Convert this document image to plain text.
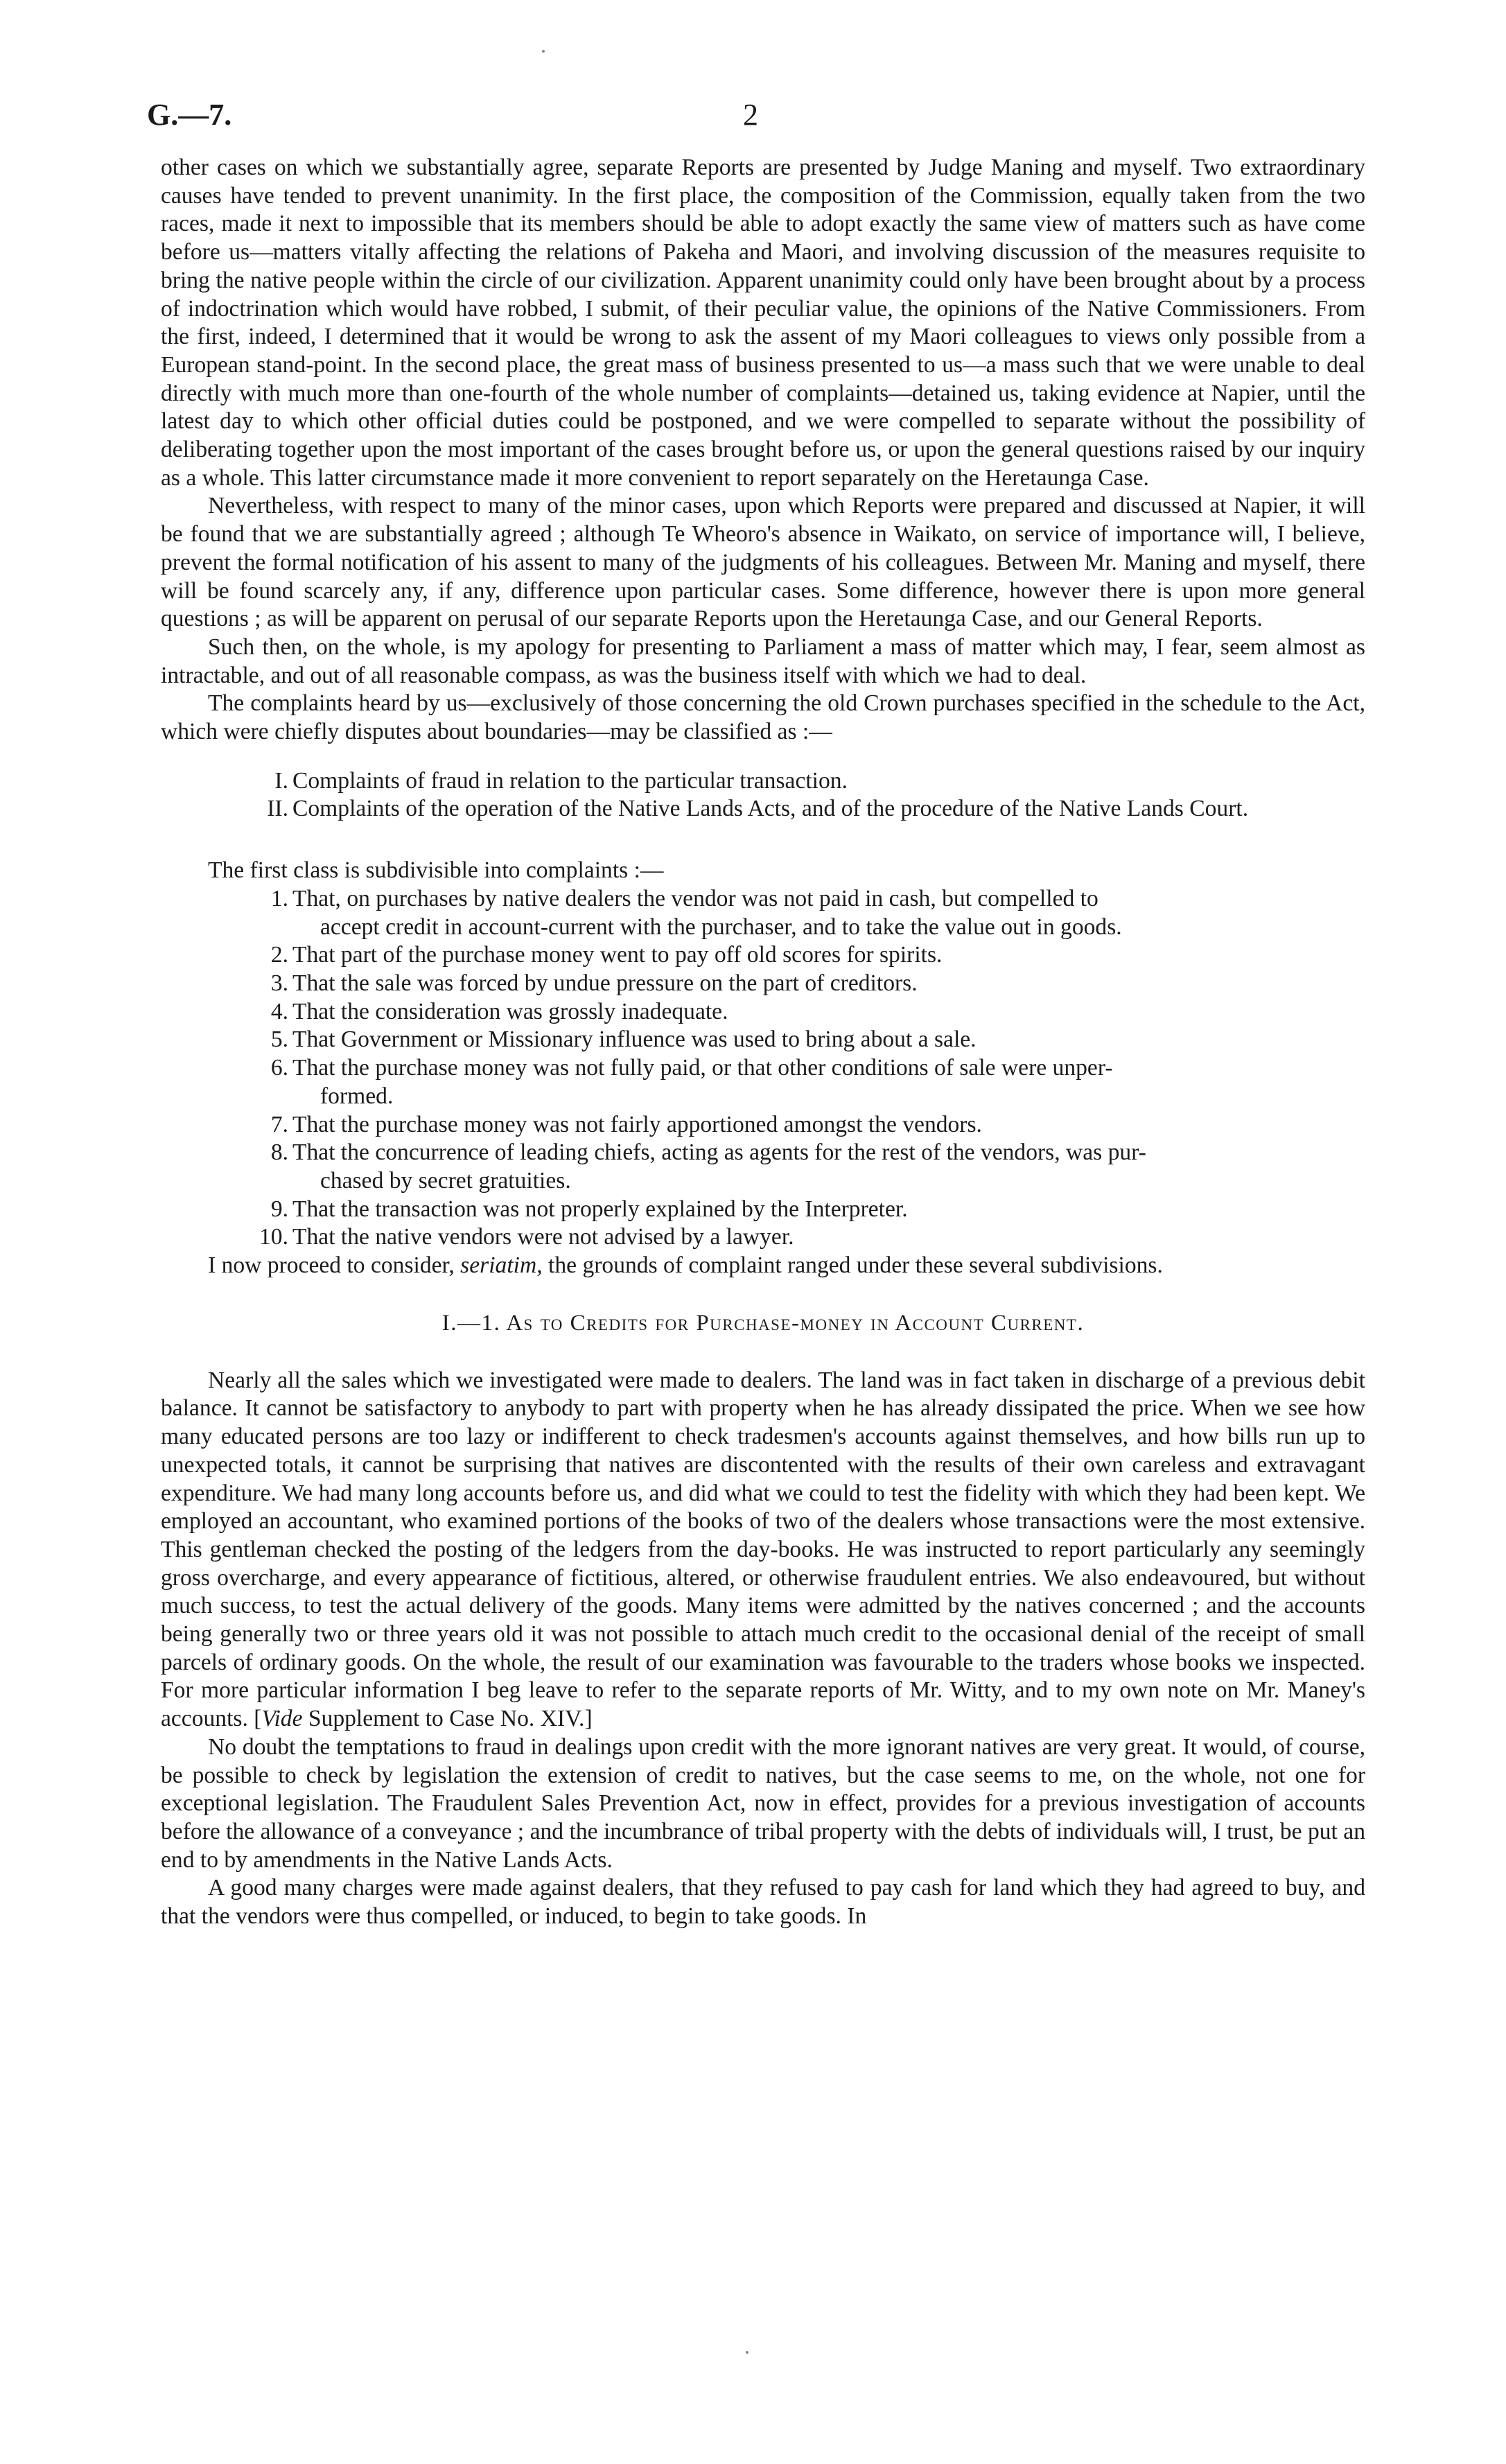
G.—7.	2

other cases on which we substantially agree, separate Reports are presented by Judge Maning and myself. Two extraordinary causes have tended to prevent unanimity. In the first place, the composition of the Commission, equally taken from the two races, made it next to impossible that its members should be able to adopt exactly the same view of matters such as have come before us—matters vitally affecting the relations of Pakeha and Maori, and involving discussion of the measures requisite to bring the native people within the circle of our civilization. Apparent unanimity could only have been brought about by a process of indoctrination which would have robbed, I submit, of their peculiar value, the opinions of the Native Commissioners. From the first, indeed, I determined that it would be wrong to ask the assent of my Maori colleagues to views only possible from a European stand-point. In the second place, the great mass of business presented to us—a mass such that we were unable to deal directly with much more than one-fourth of the whole number of complaints—detained us, taking evidence at Napier, until the latest day to which other official duties could be postponed, and we were compelled to separate without the possibility of deliberating together upon the most important of the cases brought before us, or upon the general questions raised by our inquiry as a whole. This latter circumstance made it more convenient to report separately on the Heretaunga Case.

Nevertheless, with respect to many of the minor cases, upon which Reports were prepared and discussed at Napier, it will be found that we are substantially agreed ; although Te Wheoro's absence in Waikato, on service of importance will, I believe, prevent the formal notification of his assent to many of the judgments of his colleagues. Between Mr. Maning and myself, there will be found scarcely any, if any, difference upon particular cases. Some difference, however there is upon more general questions ; as will be apparent on perusal of our separate Reports upon the Heretaunga Case, and our General Reports.

Such then, on the whole, is my apology for presenting to Parliament a mass of matter which may, I fear, seem almost as intractable, and out of all reasonable compass, as was the business itself with which we had to deal.

The complaints heard by us—exclusively of those concerning the old Crown purchases specified in the schedule to the Act, which were chiefly disputes about boundaries—may be classified as :—

I. Complaints of fraud in relation to the particular transaction.
II. Complaints of the operation of the Native Lands Acts, and of the procedure of the Native Lands Court.

The first class is subdivisible into complaints :—

1. That, on purchases by native dealers the vendor was not paid in cash, but compelled to
accept credit in account-current with the purchaser, and to take the value out in goods.
2. That part of the purchase money went to pay off old scores for spirits.
3. That the sale was forced by undue pressure on the part of creditors.
4. That the consideration was grossly inadequate.
5. That Government or Missionary influence was used to bring about a sale.
6. That the purchase money was not fully paid, or that other conditions of sale were unper-
formed.
7. That the purchase money was not fairly apportioned amongst the vendors.
8. That the concurrence of leading chiefs, acting as agents for the rest of the vendors, was pur-
chased by secret gratuities.
9. That the transaction was not properly explained by the Interpreter.
10. That the native vendors were not advised by a lawyer.

I now proceed to consider, seriatim, the grounds of complaint ranged under these several subdivisions.

I.—1. As to Credits for Purchase-money in Account Current.

Nearly all the sales which we investigated were made to dealers. The land was in fact taken in discharge of a previous debit balance. It cannot be satisfactory to anybody to part with property when he has already dissipated the price. When we see how many educated persons are too lazy or indifferent to check tradesmen's accounts against themselves, and how bills run up to unexpected totals, it cannot be surprising that natives are discontented with the results of their own careless and extravagant expenditure. We had many long accounts before us, and did what we could to test the fidelity with which they had been kept. We employed an accountant, who examined portions of the books of two of the dealers whose transactions were the most extensive. This gentleman checked the posting of the ledgers from the day-books. He was instructed to report particularly any seemingly gross overcharge, and every appearance of fictitious, altered, or otherwise fraudulent entries. We also endeavoured, but without much success, to test the actual delivery of the goods. Many items were admitted by the natives concerned ; and the accounts being generally two or three years old it was not possible to attach much credit to the occasional denial of the receipt of small parcels of ordinary goods. On the whole, the result of our examination was favourable to the traders whose books we inspected. For more particular information I beg leave to refer to the separate reports of Mr. Witty, and to my own note on Mr. Maney's accounts. [Vide Supplement to Case No. XIV.]

No doubt the temptations to fraud in dealings upon credit with the more ignorant natives are very great. It would, of course, be possible to check by legislation the extension of credit to natives, but the case seems to me, on the whole, not one for exceptional legislation. The Fraudulent Sales Prevention Act, now in effect, provides for a previous investigation of accounts before the allowance of a conveyance ; and the incumbrance of tribal property with the debts of individuals will, I trust, be put an end to by amendments in the Native Lands Acts.

A good many charges were made against dealers, that they refused to pay cash for land which they had agreed to buy, and that the vendors were thus compelled, or induced, to begin to take goods. In
